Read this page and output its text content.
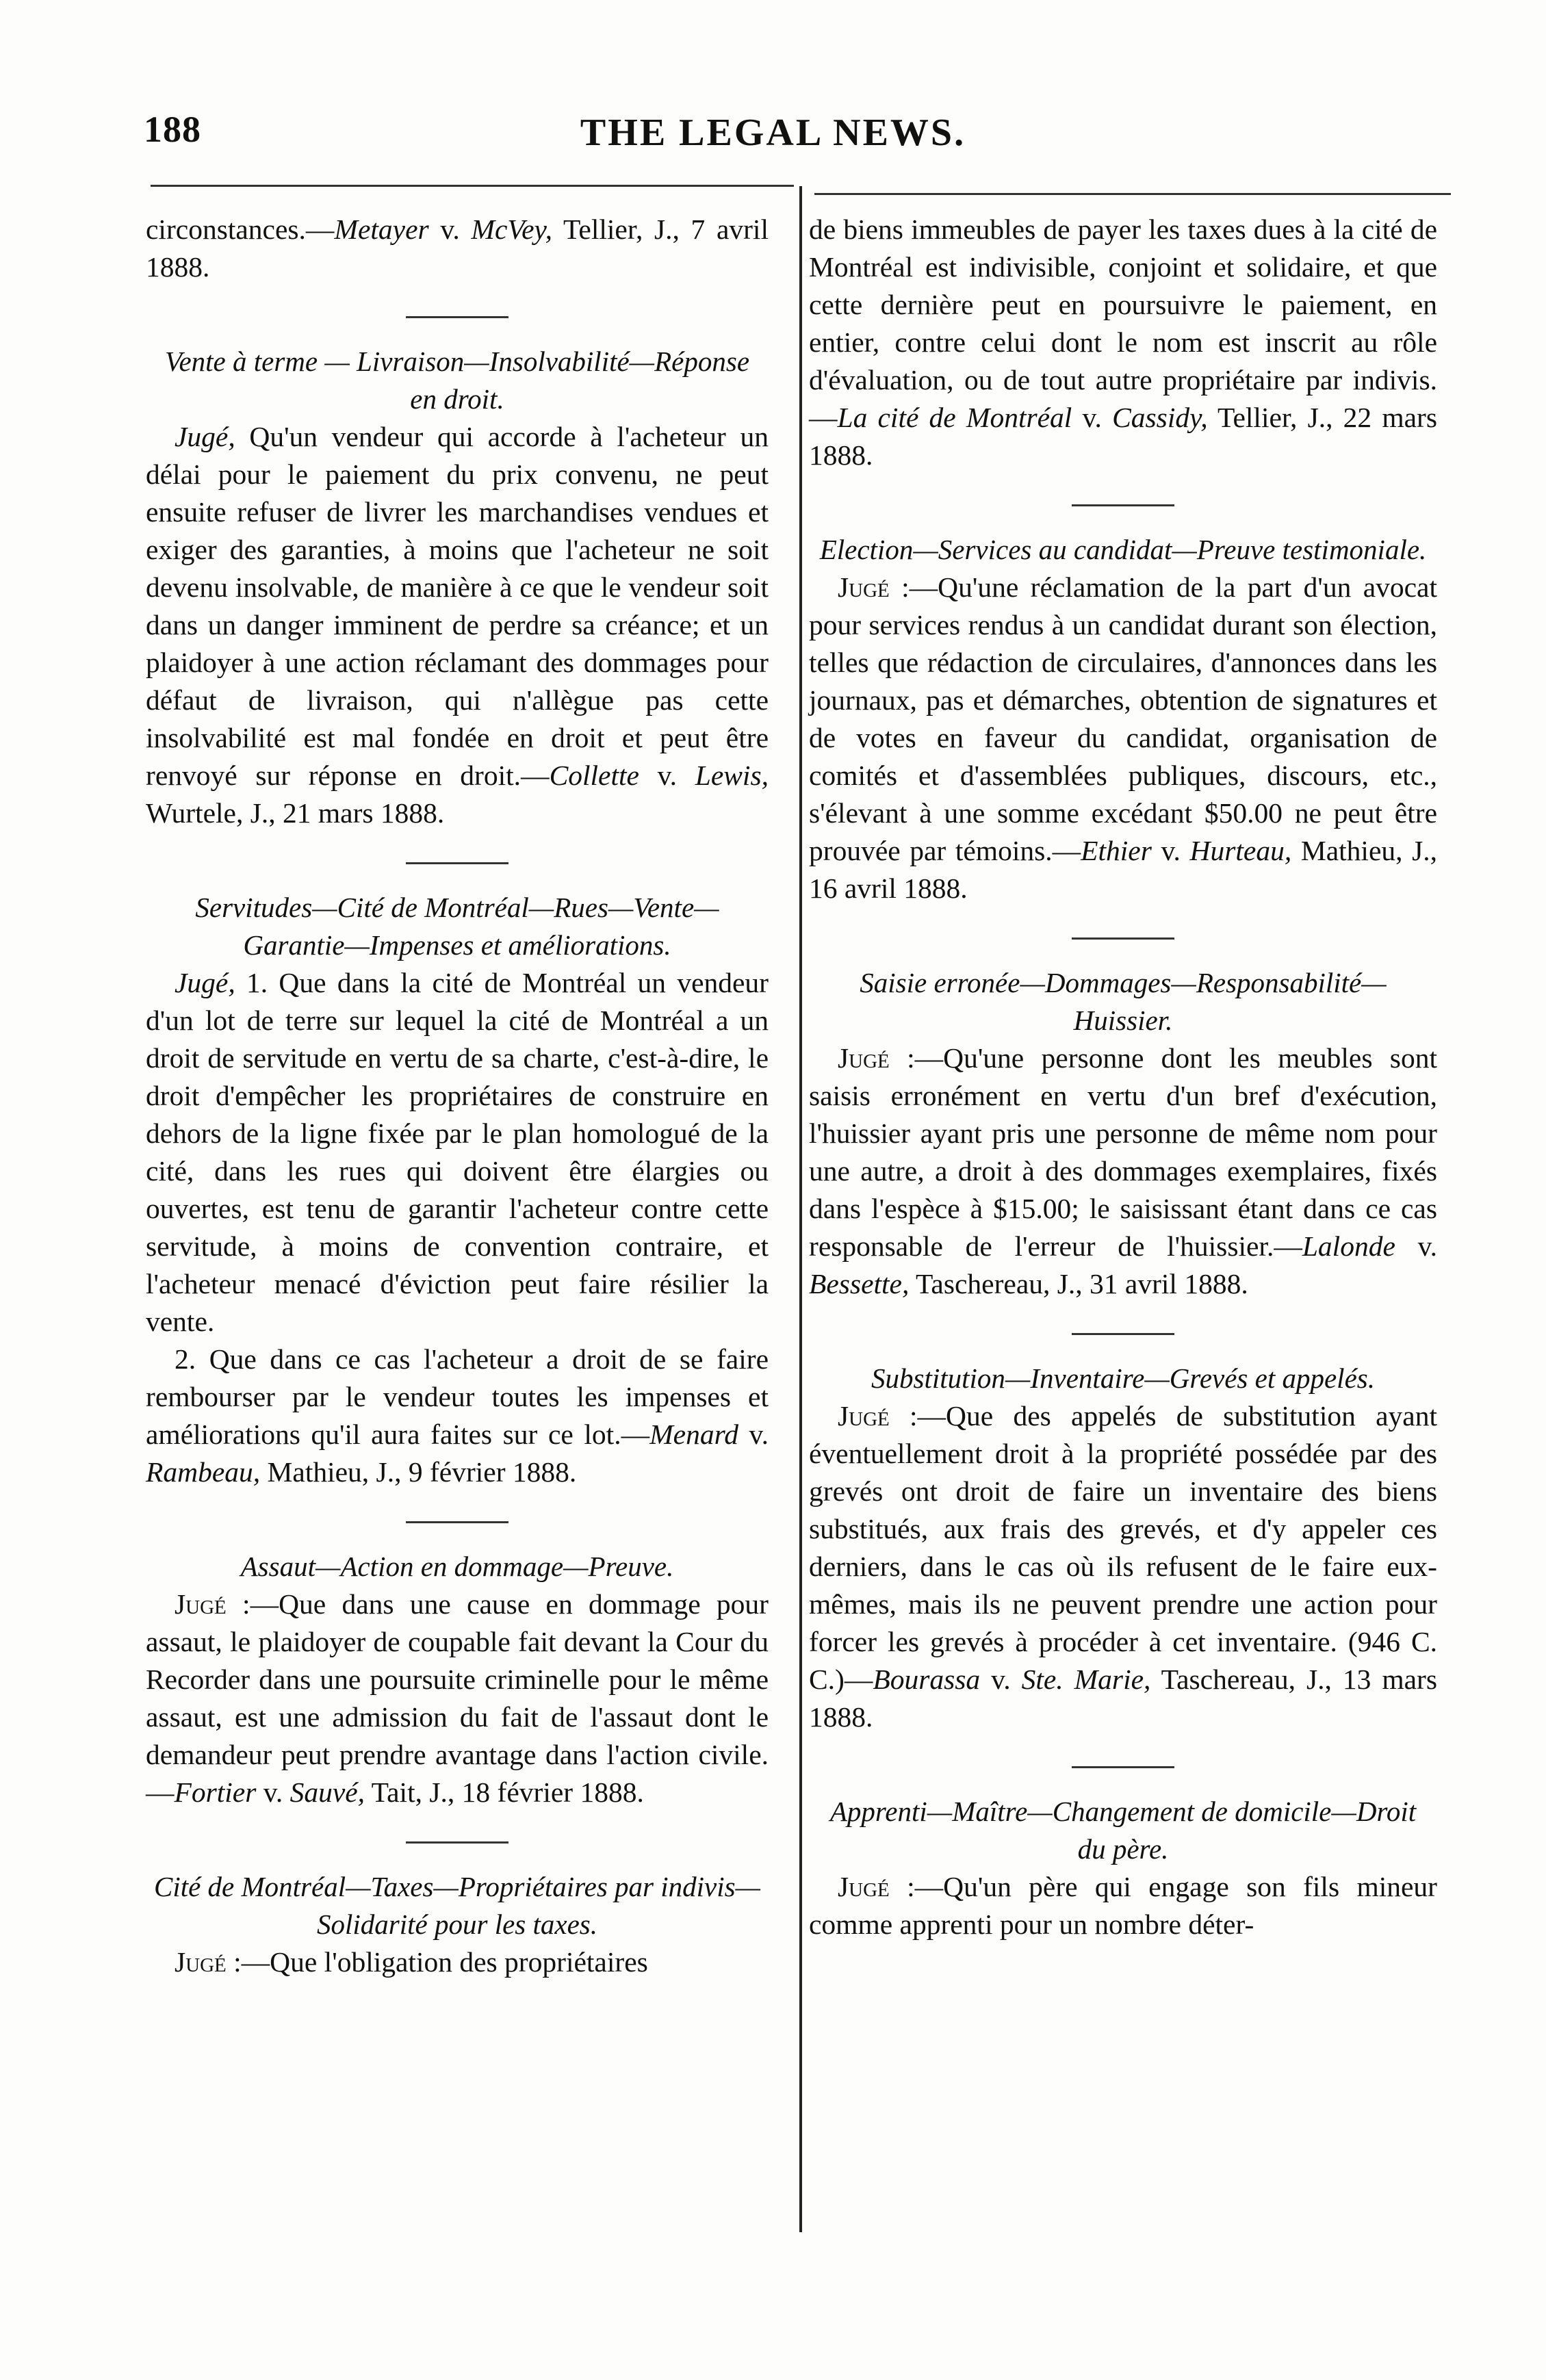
188	THE LEGAL NEWS.

circonstances.—Metayer v. McVey, Tellier, J., 7 avril 1888.

Vente à terme — Livraison—Insolvabilité—Réponse en droit.

Jugé, Qu'un vendeur qui accorde à l'acheteur un délai pour le paiement du prix convenu, ne peut ensuite refuser de livrer les marchandises vendues et exiger des garanties, à moins que l'acheteur ne soit devenu insolvable, de manière à ce que le vendeur soit dans un danger imminent de perdre sa créance; et un plaidoyer à une action réclamant des dommages pour défaut de livraison, qui n'allègue pas cette insolvabilité est mal fondée en droit et peut être renvoyé sur réponse en droit.—Collette v. Lewis, Wurtele, J., 21 mars 1888.

Servitudes—Cité de Montréal—Rues—Vente—Garantie—Impenses et améliorations.

Jugé, 1. Que dans la cité de Montréal un vendeur d'un lot de terre sur lequel la cité de Montréal a un droit de servitude en vertu de sa charte, c'est-à-dire, le droit d'empêcher les propriétaires de construire en dehors de la ligne fixée par le plan homologué de la cité, dans les rues qui doivent être élargies ou ouvertes, est tenu de garantir l'acheteur contre cette servitude, à moins de convention contraire, et l'acheteur menacé d'éviction peut faire résilier la vente.

2. Que dans ce cas l'acheteur a droit de se faire rembourser par le vendeur toutes les impenses et améliorations qu'il aura faites sur ce lot.—Menard v. Rambeau, Mathieu, J., 9 février 1888.

Assaut—Action en dommage—Preuve.

Jugé :—Que dans une cause en dommage pour assaut, le plaidoyer de coupable fait devant la Cour du Recorder dans une poursuite criminelle pour le même assaut, est une admission du fait de l'assaut dont le demandeur peut prendre avantage dans l'action civile.—Fortier v. Sauvé, Tait, J., 18 février 1888.

Cité de Montréal—Taxes—Propriétaires par indivis—Solidarité pour les taxes.

Jugé :—Que l'obligation des propriétaires

de biens immeubles de payer les taxes dues à la cité de Montréal est indivisible, conjoint et solidaire, et que cette dernière peut en poursuivre le paiement, en entier, contre celui dont le nom est inscrit au rôle d'évaluation, ou de tout autre propriétaire par indivis.—La cité de Montréal v. Cassidy, Tellier, J., 22 mars 1888.

Election—Services au candidat—Preuve testimoniale.

Jugé :—Qu'une réclamation de la part d'un avocat pour services rendus à un candidat durant son élection, telles que rédaction de circulaires, d'annonces dans les journaux, pas et démarches, obtention de signatures et de votes en faveur du candidat, organisation de comités et d'assemblées publiques, discours, etc., s'élevant à une somme excédant $50.00 ne peut être prouvée par témoins.—Ethier v. Hurteau, Mathieu, J., 16 avril 1888.

Saisie erronée—Dommages—Responsabilité—Huissier.

Jugé :—Qu'une personne dont les meubles sont saisis erronément en vertu d'un bref d'exécution, l'huissier ayant pris une personne de même nom pour une autre, a droit à des dommages exemplaires, fixés dans l'espèce à $15.00; le saisissant étant dans ce cas responsable de l'erreur de l'huissier.—Lalonde v. Bessette, Taschereau, J., 31 avril 1888.

Substitution—Inventaire—Grevés et appelés.

Jugé :—Que des appelés de substitution ayant éventuellement droit à la propriété possédée par des grevés ont droit de faire un inventaire des biens substitués, aux frais des grevés, et d'y appeler ces derniers, dans le cas où ils refusent de le faire eux-mêmes, mais ils ne peuvent prendre une action pour forcer les grevés à procéder à cet inventaire. (946 C. C.)—Bourassa v. Ste. Marie, Taschereau, J., 13 mars 1888.

Apprenti—Maître—Changement de domicile—Droit du père.

Jugé :—Qu'un père qui engage son fils mineur comme apprenti pour un nombre déter-
